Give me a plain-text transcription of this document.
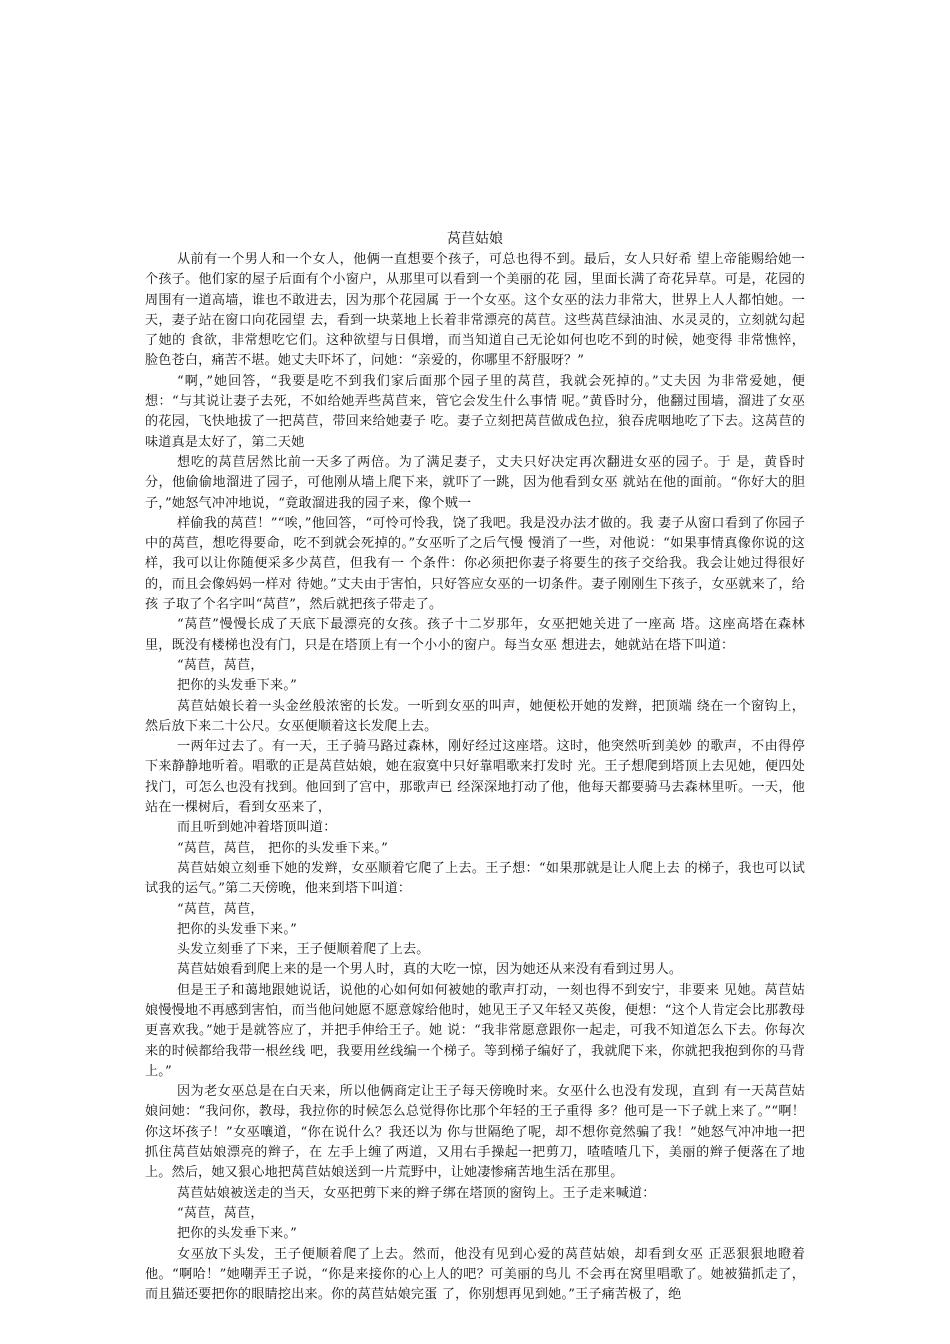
莴苣姑娘

从前有一个男人和一个女人，他俩一直想要个孩子，可总也得不到。最后，女人只好希 望上帝能赐给她一个孩子。他们家的屋子后面有个小窗户，从那里可以看到一个美丽的花 园，里面长满了奇花异草。可是，花园的周围有一道高墙，谁也不敢进去，因为那个花园属 于一个女巫。这个女巫的法力非常大，世界上人人都怕她。一天，妻子站在窗口向花园望 去，看到一块菜地上长着非常漂亮的莴苣。这些莴苣绿油油、水灵灵的，立刻就勾起了她的 食欲，非常想吃它们。这种欲望与日俱增，而当知道自己无论如何也吃不到的时候，她变得 非常憔悴，脸色苍白，痛苦不堪。她丈夫吓坏了，问她：“亲爱的，你哪里不舒服呀？”

“啊，”她回答，“我要是吃不到我们家后面那个园子里的莴苣，我就会死掉的。”丈夫因 为非常爱她，便想：“与其说让妻子去死，不如给她弄些莴苣来，管它会发生什么事情 呢。”黄昏时分，他翻过围墙，溜进了女巫的花园，飞快地拔了一把莴苣，带回来给她妻子 吃。妻子立刻把莴苣做成色拉，狼吞虎咽地吃了下去。这莴苣的味道真是太好了，第二天她

想吃的莴苣居然比前一天多了两倍。为了满足妻子，丈夫只好决定再次翻进女巫的园子。于 是，黄昏时分，他偷偷地溜进了园子，可他刚从墙上爬下来，就吓了一跳，因为他看到女巫 就站在他的面前。“你好大的胆子，”她怒气冲冲地说，“竟敢溜进我的园子来，像个贼一

样偷我的莴苣！”“唉，”他回答，“可怜可怜我，饶了我吧。我是没办法才做的。我 妻子从窗口看到了你园子中的莴苣，想吃得要命，吃不到就会死掉的。”女巫听了之后气慢 慢消了一些，对他说：“如果事情真像你说的这样，我可以让你随便采多少莴苣，但我有一 个条件：你必须把你妻子将要生的孩子交给我。我会让她过得很好的，而且会像妈妈一样对 待她。”丈夫由于害怕，只好答应女巫的一切条件。妻子刚刚生下孩子，女巫就来了，给孩 子取了个名字叫“莴苣”，然后就把孩子带走了。

“莴苣”慢慢长成了天底下最漂亮的女孩。孩子十二岁那年，女巫把她关进了一座高 塔。这座高塔在森林里，既没有楼梯也没有门，只是在塔顶上有一个小小的窗户。每当女巫 想进去，她就站在塔下叫道：

“莴苣，莴苣，

把你的头发垂下来。”

莴苣姑娘长着一头金丝般浓密的长发。一听到女巫的叫声，她便松开她的发辫，把顶端 绕在一个窗钩上，然后放下来二十公尺。女巫便顺着这长发爬上去。

一两年过去了。有一天，王子骑马路过森林，刚好经过这座塔。这时，他突然听到美妙 的歌声，不由得停下来静静地听着。唱歌的正是莴苣姑娘，她在寂寞中只好靠唱歌来打发时 光。王子想爬到塔顶上去见她，便四处找门，可怎么也没有找到。他回到了宫中，那歌声已 经深深地打动了他，他每天都要骑马去森林里听。一天，他站在一棵树后，看到女巫来了，

而且听到她冲着塔顶叫道：

“莴苣，莴苣， 把你的头发垂下来。”

莴苣姑娘立刻垂下她的发辫，女巫顺着它爬了上去。王子想：“如果那就是让人爬上去 的梯子，我也可以试试我的运气。”第二天傍晚，他来到塔下叫道：

“莴苣，莴苣，

把你的头发垂下来。”

头发立刻垂了下来，王子便顺着爬了上去。

莴苣姑娘看到爬上来的是一个男人时，真的大吃一惊，因为她还从来没有看到过男人。

但是王子和蔼地跟她说话，说他的心如何如何被她的歌声打动，一刻也得不到安宁，非要来 见她。莴苣姑娘慢慢地不再感到害怕，而当他问她愿不愿意嫁给他时，她见王子又年轻又英俊，便想：“这个人肯定会比那教母更喜欢我。”她于是就答应了，并把手伸给王子。她 说：“我非常愿意跟你一起走，可我不知道怎么下去。你每次来的时候都给我带一根丝线 吧，我要用丝线编一个梯子。等到梯子编好了，我就爬下来，你就把我抱到你的马背上。”

因为老女巫总是在白天来，所以他俩商定让王子每天傍晚时来。女巫什么也没有发现，直到 有一天莴苣姑娘问她：“我问你，教母，我拉你的时候怎么总觉得你比那个年轻的王子重得 多？他可是一下子就上来了。”“啊！你这坏孩子！”女巫嚷道，“你在说什么？我还以为 你与世隔绝了呢，却不想你竟然骗了我！”她怒气冲冲地一把抓住莴苣姑娘漂亮的辫子，在 左手上缠了两道，又用右手操起一把剪刀，喳喳喳几下，美丽的辫子便落在了地上。然后，她又狠心地把莴苣姑娘送到一片荒野中，让她凄惨痛苦地生活在那里。

莴苣姑娘被送走的当天，女巫把剪下来的辫子绑在塔顶的窗钩上。王子走来喊道：

“莴苣，莴苣，

把你的头发垂下来。”

女巫放下头发，王子便顺着爬了上去。然而，他没有见到心爱的莴苣姑娘，却看到女巫 正恶狠狠地瞪着他。“啊哈！”她嘲弄王子说，“你是来接你的心上人的吧？可美丽的鸟儿 不会再在窝里唱歌了。她被猫抓走了，而且猫还要把你的眼睛挖出来。你的莴苣姑娘完蛋 了，你别想再见到她。”王子痛苦极了，绝
